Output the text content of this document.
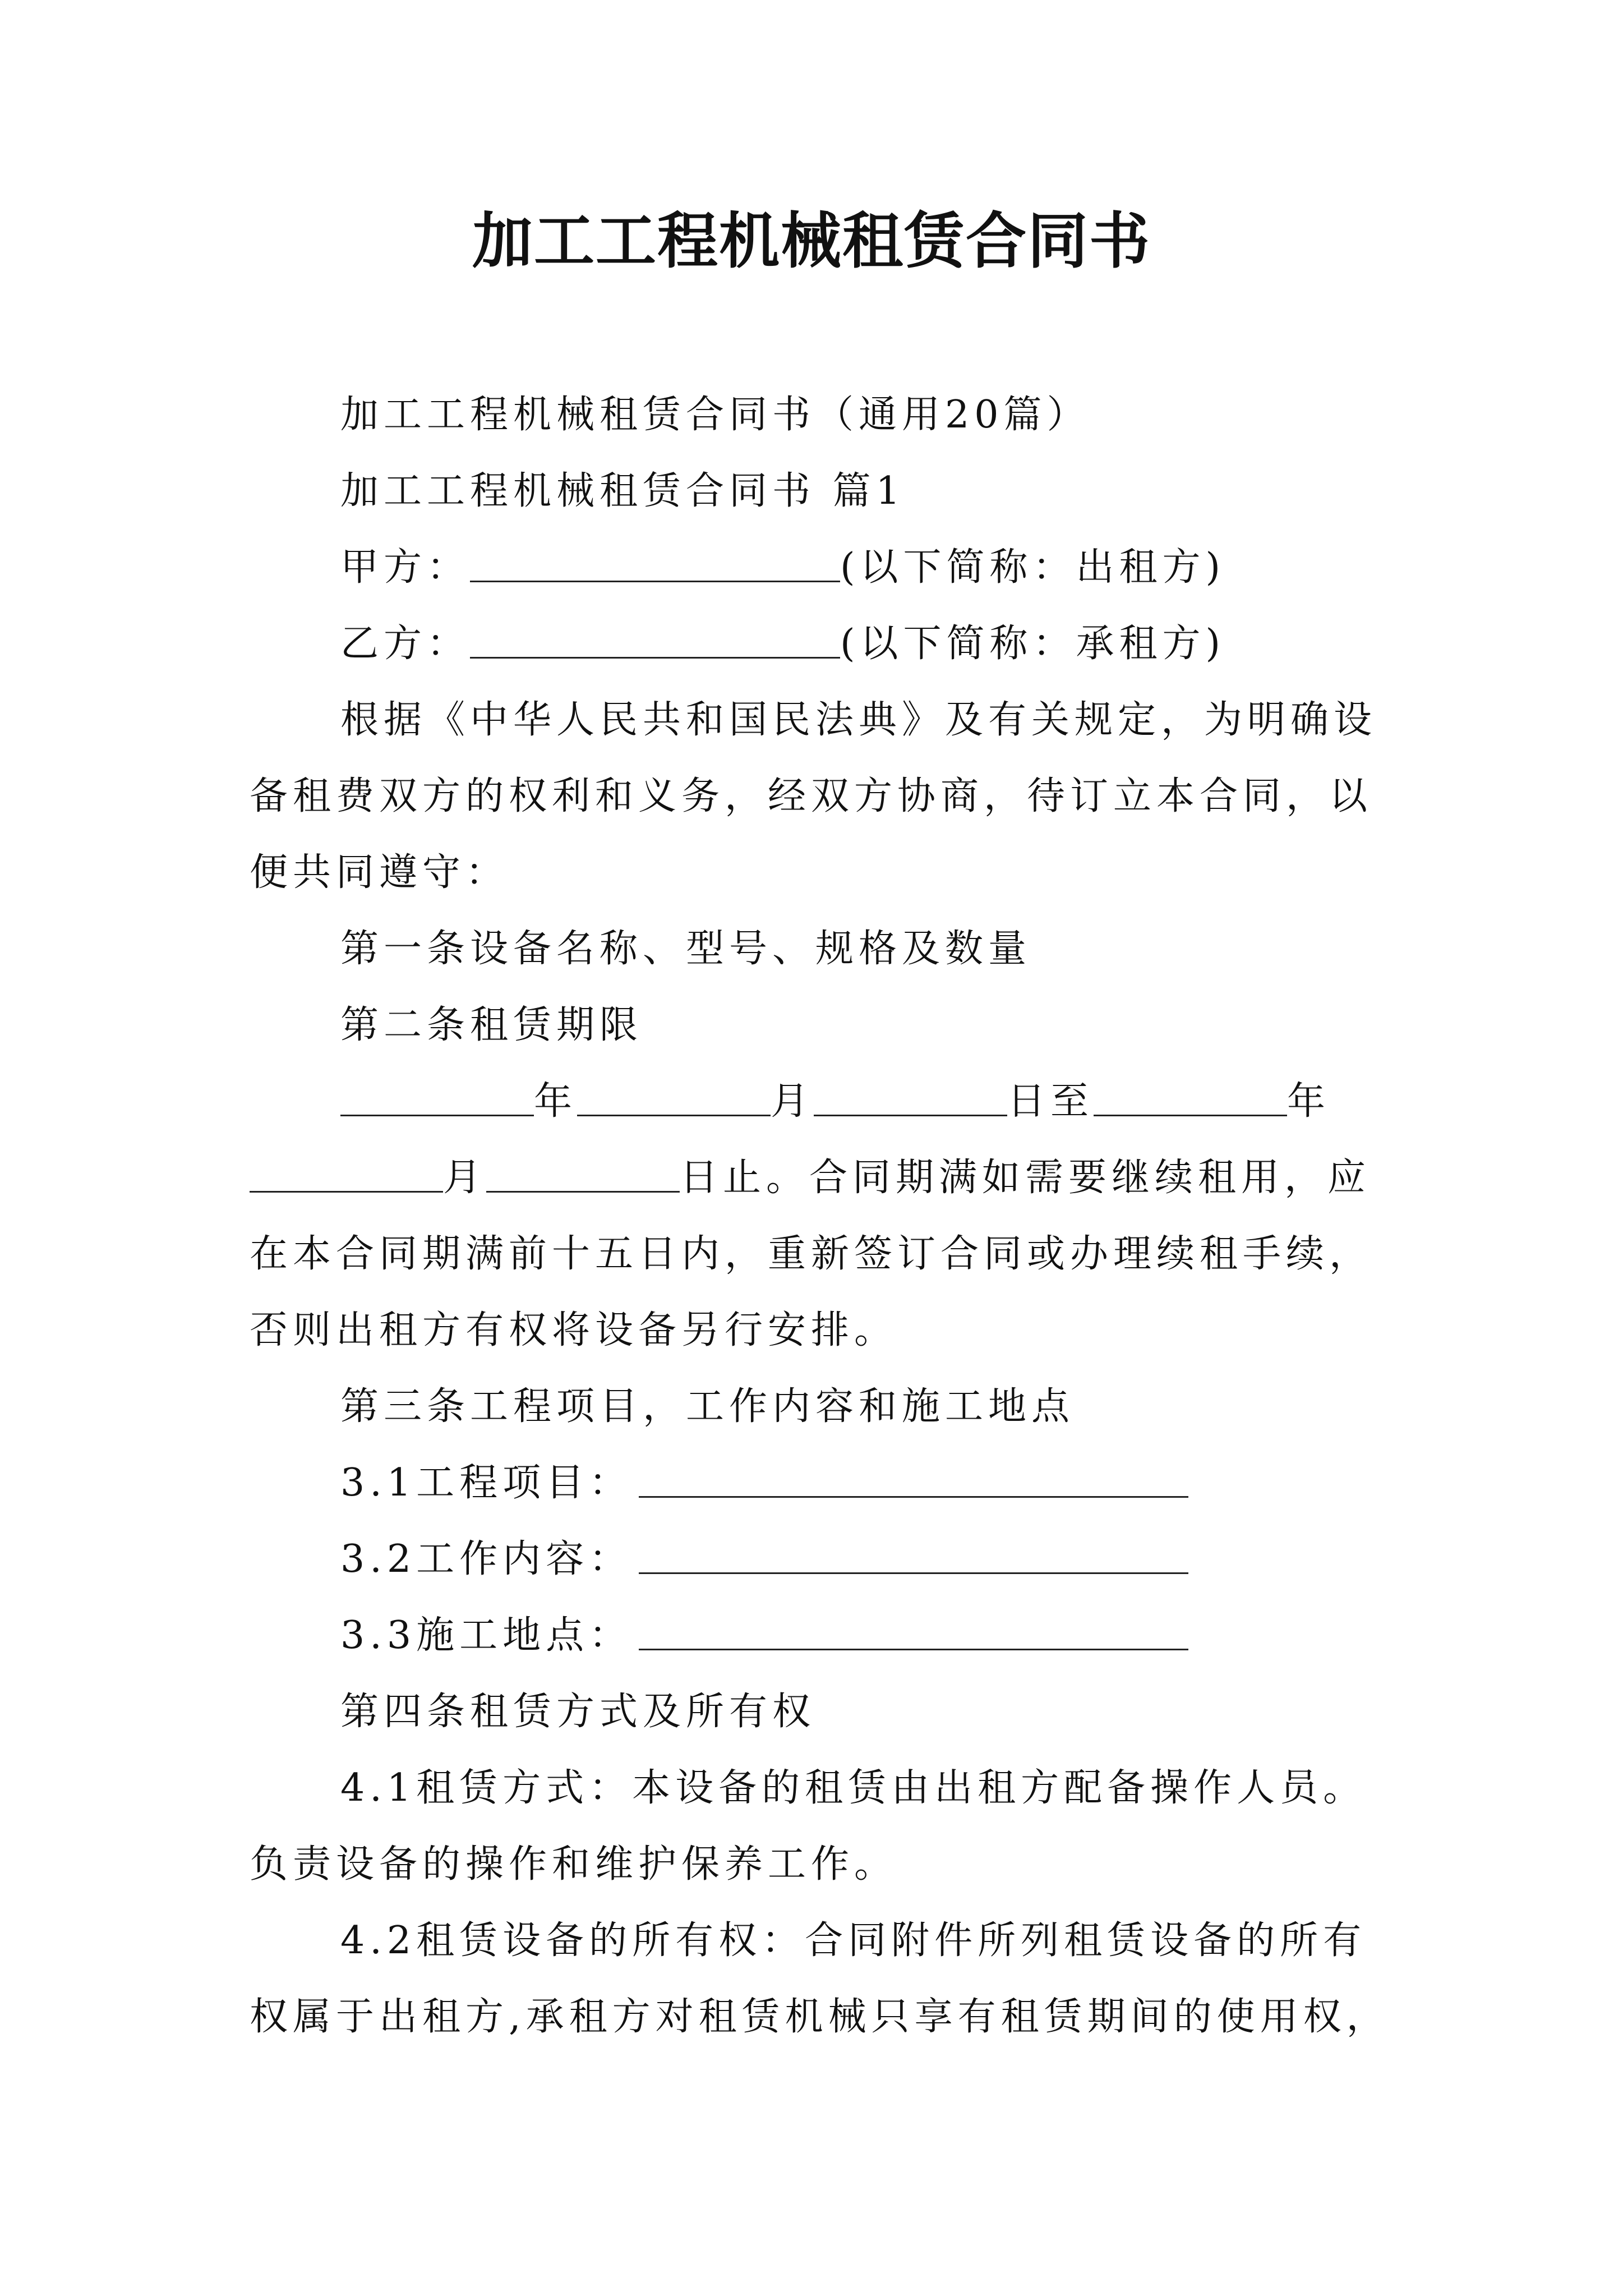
加工工程机械租赁合同书
加工工程机械租赁合同书（通用20篇）
加工工程机械租赁合同书 篇1
甲方：	(以下简称：出租方)
乙方：	(以下简称：承租方)
根据《中华人民共和国民法典》及有关规定，为明确设
备租费双方的权利和义务，经双方协商，待订立本合同，以
便共同遵守：
第一条设备名称、型号、规格及数量
第二条租赁期限
年	月	日至	年
月	日止。合同期满如需要继续租用，应
在本合同期满前十五日内，重新签订合同或办理续租手续，
否则出租方有权将设备另行安排。
第三条工程项目，工作内容和施工地点
3.1工程项目：
3.2工作内容：
3.3施工地点：
第四条租赁方式及所有权
4.1租赁方式：本设备的租赁由出租方配备操作人员。
负责设备的操作和维护保养工作。
4.2租赁设备的所有权：合同附件所列租赁设备的所有
权属于出租方,承租方对租赁机械只享有租赁期间的使用权，
